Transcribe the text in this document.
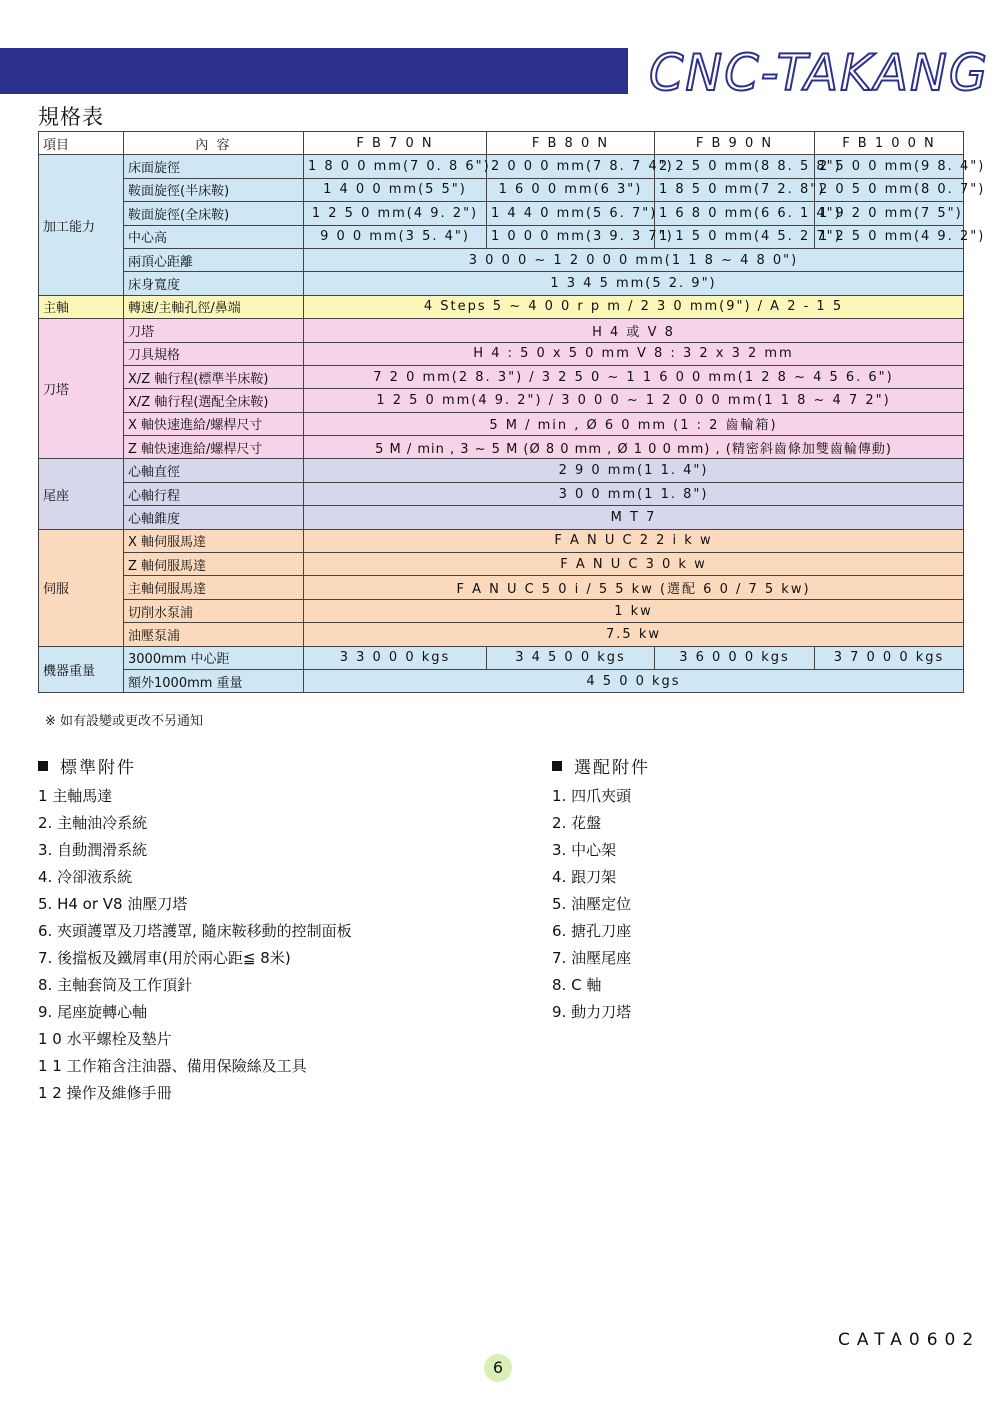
CNC-TAKANG
規格表
項目	內 容	F B 7 0 N	F B 8 0 N	F B 9 0 N	F B 1 0 0 N
加工能力	床面旋徑	1 8 0 0 mm(7 0. 8 6")	2 0 0 0 mm(7 8. 7 4")	2 2 5 0 mm(8 8. 5 8")	2 5 0 0 mm(9 8. 4")
	鞍面旋徑(半床鞍)	1 4 0 0 mm(5 5")	1 6 0 0 mm(6 3")	1 8 5 0 mm(7 2. 8")	2 0 5 0 mm(8 0. 7")
	鞍面旋徑(全床鞍)	1 2 5 0 mm(4 9. 2")	1 4 4 0 mm(5 6. 7")	1 6 8 0 mm(6 6. 1 4")	1 9 2 0 mm(7 5")
	中心高	9 0 0 mm(3 5. 4")	1 0 0 0 mm(3 9. 3 7")	1 1 5 0 mm(4 5. 2 7")	1 2 5 0 mm(4 9. 2")
	兩頂心距離	3 0 0 0 ~ 1 2 0 0 0 mm(1 1 8 ~ 4 8 0")			
	床身寬度	1 3 4 5 mm(5 2. 9")			
主軸	轉速/主軸孔徑/鼻端	4 Steps 5 ~ 4 0 0 r p m / 2 3 0 mm(9") / A 2 - 1 5			
刀塔	刀塔	H 4 或 V 8			
	刀具規格	H 4 : 5 0 x 5 0 mm V 8 : 3 2 x 3 2 mm			
	X/Z 軸行程(標準半床鞍)	7 2 0 mm(2 8. 3") / 3 2 5 0 ~ 1 1 6 0 0 mm(1 2 8 ~ 4 5 6. 6")			
	X/Z 軸行程(選配全床鞍)	1 2 5 0 mm(4 9. 2") / 3 0 0 0 ~ 1 2 0 0 0 mm(1 1 8 ~ 4 7 2")			
	X 軸快速進給/螺桿尺寸	5 M / min , Ø 6 0 mm (1 : 2 齒輪箱)			
	Z 軸快速進給/螺桿尺寸	5 M / min , 3 ~ 5 M (Ø 8 0 mm , Ø 1 0 0 mm) , (精密斜齒條加雙齒輪傳動)			
尾座	心軸直徑	2 9 0 mm(1 1. 4")			
	心軸行程	3 0 0 mm(1 1. 8")			
	心軸錐度	M T 7			
伺服	X 軸伺服馬達	F A N U C 2 2 i k w			
	Z 軸伺服馬達	F A N U C 3 0 k w			
	主軸伺服馬達	F A N U C 5 0 i / 5 5 kw (選配 6 0 / 7 5 kw)			
	切削水泵浦	1 kw			
	油壓泵浦	7.5 kw			
機器重量	3000mm 中心距	3 3 0 0 0 kgs	3 4 5 0 0 kgs	3 6 0 0 0 kgs	3 7 0 0 0 kgs
	額外1000mm 重量	4 5 0 0 kgs			
※ 如有設變或更改不另通知
標準附件
1 主軸馬達
2. 主軸油冷系統
3. 自動潤滑系統
4. 冷卻液系統
5. H4 or V8 油壓刀塔
6. 夾頭護罩及刀塔護罩, 隨床鞍移動的控制面板
7. 後擋板及鐵屑車(用於兩心距≦ 8米)
8. 主軸套筒及工作頂針
9. 尾座旋轉心軸
1 0 水平螺栓及墊片
1 1 工作箱含注油器、備用保險絲及工具
1 2 操作及維修手冊
選配附件
1. 四爪夾頭
2. 花盤
3. 中心架
4. 跟刀架
5. 油壓定位
6. 搪孔刀座
7. 油壓尾座
8. C 軸
9. 動力刀塔
CATA0602
6
